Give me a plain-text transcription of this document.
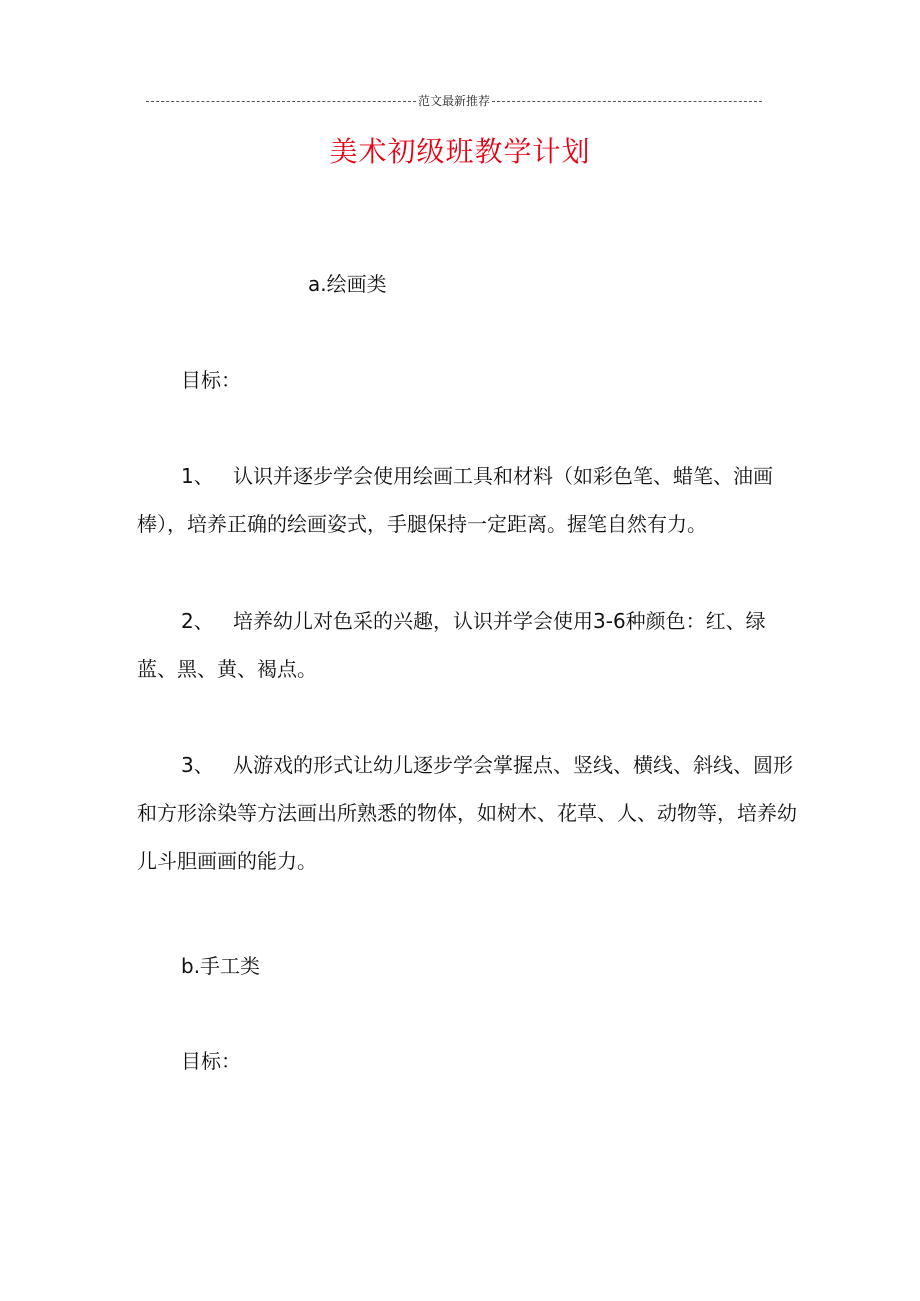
范文最新推荐
美术初级班教学计划

a.绘画类

目标：

1、 认识并逐步学会使用绘画工具和材料（如彩色笔、蜡笔、油画棒），培养正确的绘画姿式，手腿保持一定距离。握笔自然有力。

2、 培养幼儿对色采的兴趣，认识并学会使用3-6种颜色：红、绿蓝、黑、黄、褐点。

3、 从游戏的形式让幼儿逐步学会掌握点、竖线、横线、斜线、圆形和方形涂染等方法画出所熟悉的物体，如树木、花草、人、动物等，培养幼儿斗胆画画的能力。

b.手工类

目标：
